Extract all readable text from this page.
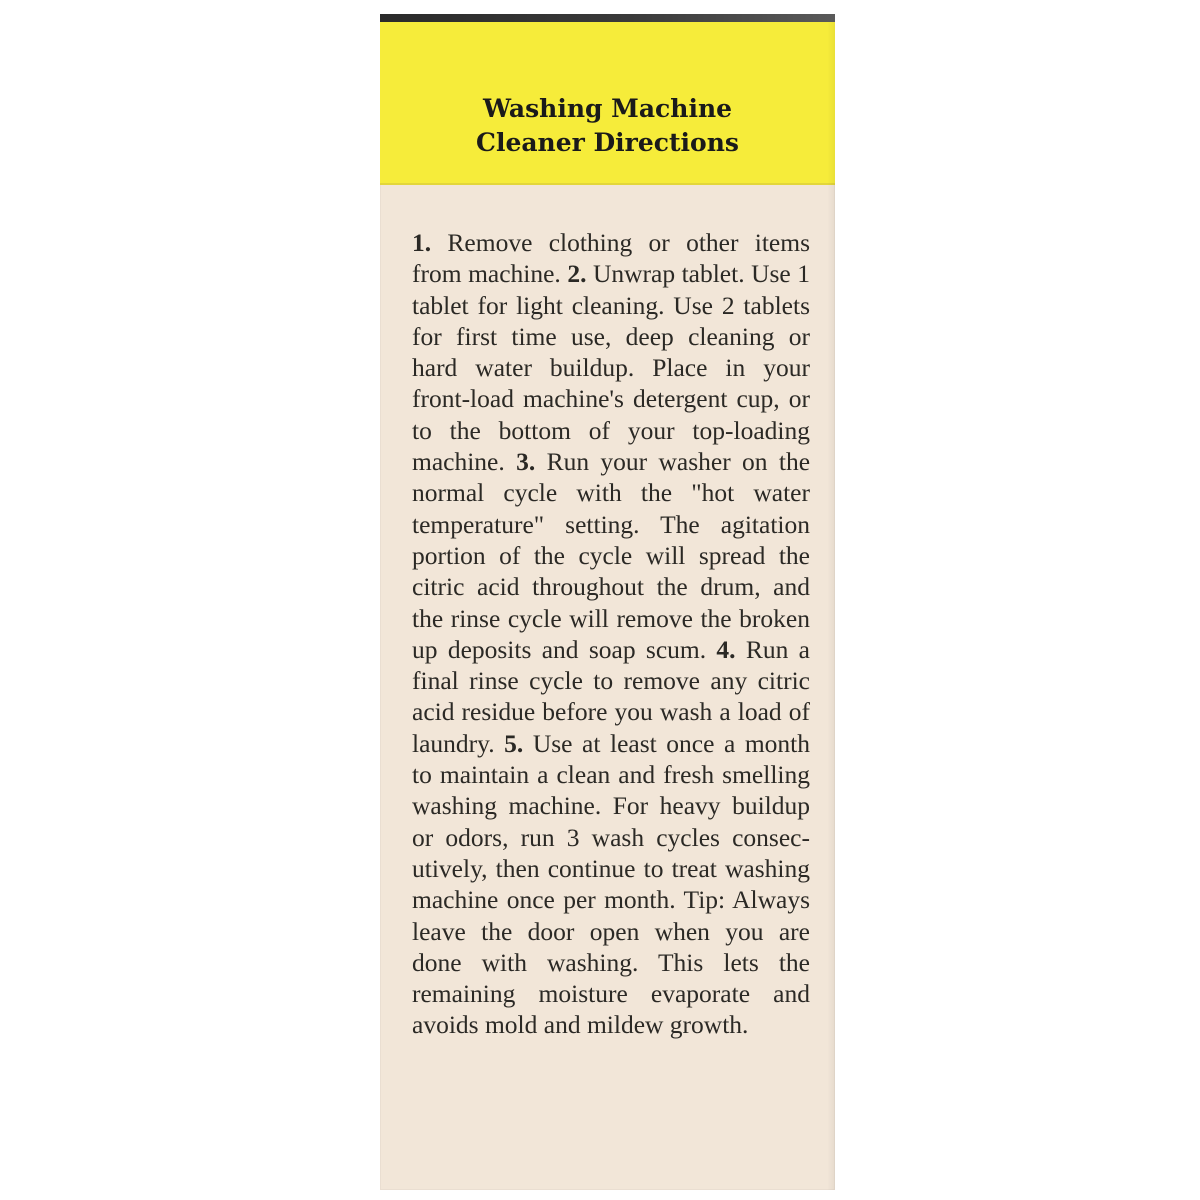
Washing Machine
Cleaner Directions

1. Remove clothing or other items from machine. 2. Unwrap tablet. Use 1 tablet for light cleaning. Use 2 tablets for first time use, deep cleaning or hard water buildup. Place in your front-load machine's detergent cup, or to the bottom of your top-loading machine. 3. Run your washer on the normal cycle with the "hot water temperature" setting. The agitation portion of the cycle will spread the citric acid throughout the drum, and the rinse cycle will remove the broken up deposits and soap scum. 4. Run a final rinse cycle to remove any citric acid residue before you wash a load of laundry. 5. Use at least once a month to maintain a clean and fresh smelling washing machine. For heavy buildup or odors, run 3 wash cycles consecutively, then continue to treat washing machine once per month. Tip: Always leave the door open when you are done with washing. This lets the remaining moisture evaporate and avoids mold and mildew growth.
